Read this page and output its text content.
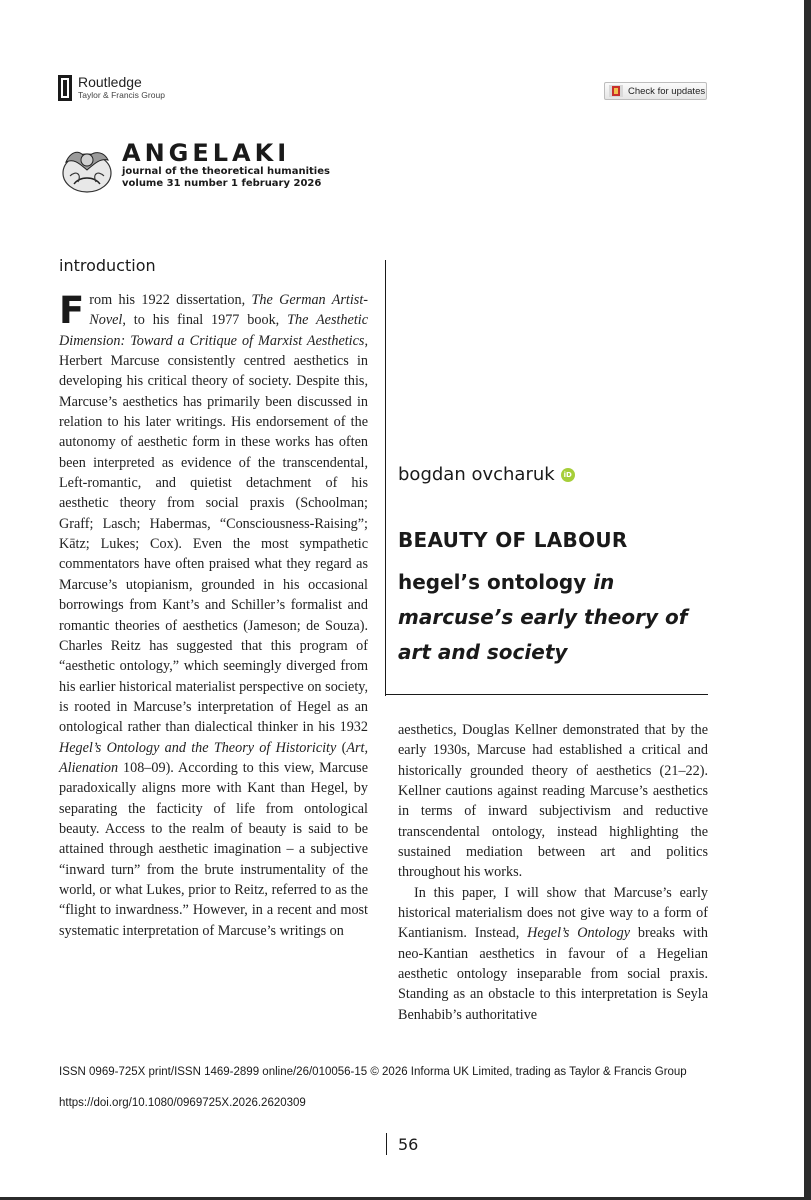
Routledge
Taylor & Francis Group	Check for updates
ANGELAKI
journal of the theoretical humanities
volume 31 number 1 february 2026
introduction

From his 1922 dissertation, The German Artist-Novel, to his final 1977 book, The Aesthetic Dimension: Toward a Critique of Marxist Aesthetics, Herbert Marcuse consistently centred aesthetics in developing his critical theory of society. Despite this, Marcuse’s aesthetics has primarily been discussed in relation to his later writings. His endorsement of the autonomy of aesthetic form in these works has often been interpreted as evidence of the transcendental, Left-romantic, and quietist detachment of his aesthetic theory from social praxis (Schoolman; Graff; Lasch; Habermas, “Consciousness-Raising”; Kātz; Lukes; Cox). Even the most sympathetic commentators have often praised what they regard as Marcuse’s utopianism, grounded in his occasional borrowings from Kant’s and Schiller’s formalist and romantic theories of aesthetics (Jameson; de Souza). Charles Reitz has suggested that this program of “aesthetic ontology,” which seemingly diverged from his earlier historical materialist perspective on society, is rooted in Marcuse’s interpretation of Hegel as an ontological rather than dialectical thinker in his 1932 Hegel’s Ontology and the Theory of Historicity (Art, Alienation 108–09). According to this view, Marcuse paradoxically aligns more with Kant than Hegel, by separating the facticity of life from ontological beauty. Access to the realm of beauty is said to be attained through aesthetic imagination – a subjective “inward turn” from the brute instrumentality of the world, or what Lukes, prior to Reitz, referred to as the “flight to inwardness.” However, in a recent and most systematic interpretation of Marcuse’s writings on

bogdan ovcharuk	iD
BEAUTY OF LABOUR
hegel’s ontology in marcuse’s early theory of art and society

aesthetics, Douglas Kellner demonstrated that by the early 1930s, Marcuse had established a critical and historically grounded theory of aesthetics (21–22). Kellner cautions against reading Marcuse’s aesthetics in terms of inward subjectivism and reductive transcendental ontology, instead highlighting the sustained mediation between art and politics throughout his works.

In this paper, I will show that Marcuse’s early historical materialism does not give way to a form of Kantianism. Instead, Hegel’s Ontology breaks with neo-Kantian aesthetics in favour of a Hegelian aesthetic ontology inseparable from social praxis. Standing as an obstacle to this interpretation is Seyla Benhabib’s authoritative

ISSN 0969-725X print/ISSN 1469-2899 online/26/010056-15 © 2026 Informa UK Limited, trading as Taylor & Francis Group
https://doi.org/10.1080/0969725X.2026.2620309
56
